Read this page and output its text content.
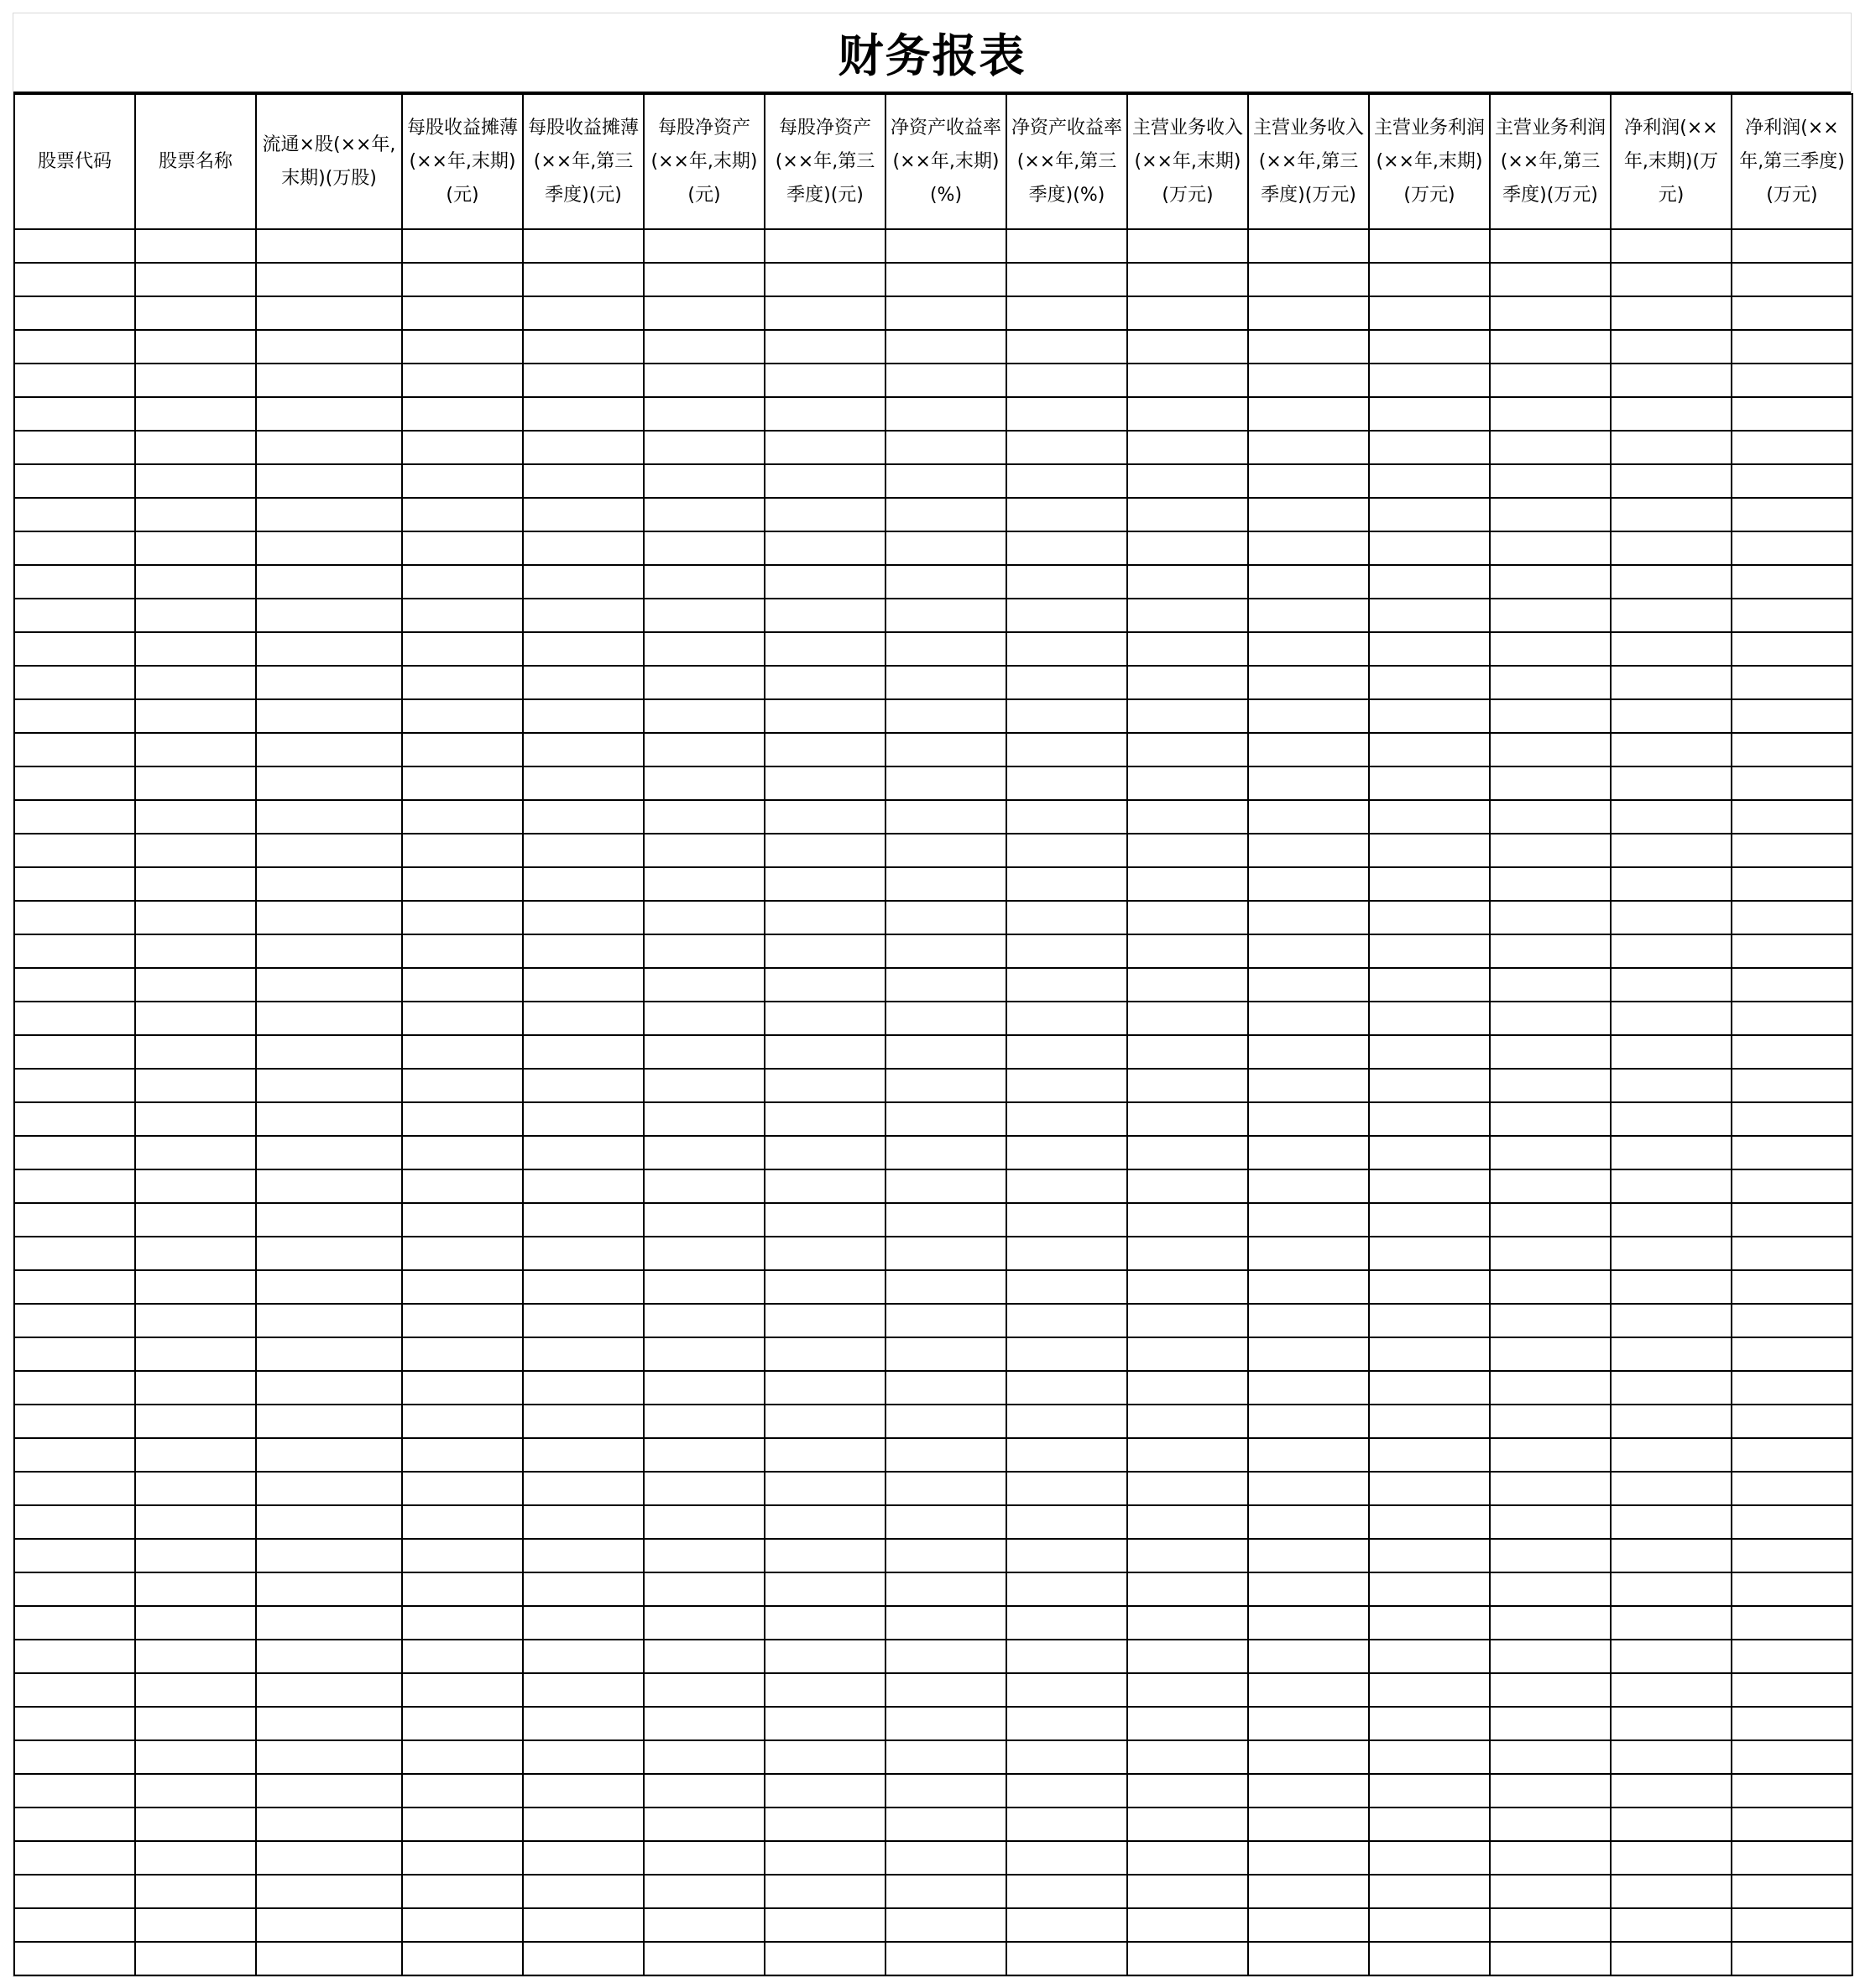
财务报表
股票代码	股票名称	流通×股(××年,末期)(万股)	每股收益摊薄(××年,末期)(元)	每股收益摊薄(××年,第三季度)(元)	每股净资产(××年,末期)(元)	每股净资产(××年,第三季度)(元)	净资产收益率(××年,末期)(%)	净资产收益率(××年,第三季度)(%)	主营业务收入(××年,末期)(万元)	主营业务收入(××年,第三季度)(万元)	主营业务利润(××年,末期)(万元)	主营业务利润(××年,第三季度)(万元)	净利润(××年,末期)(万元)	净利润(××年,第三季度)(万元)
